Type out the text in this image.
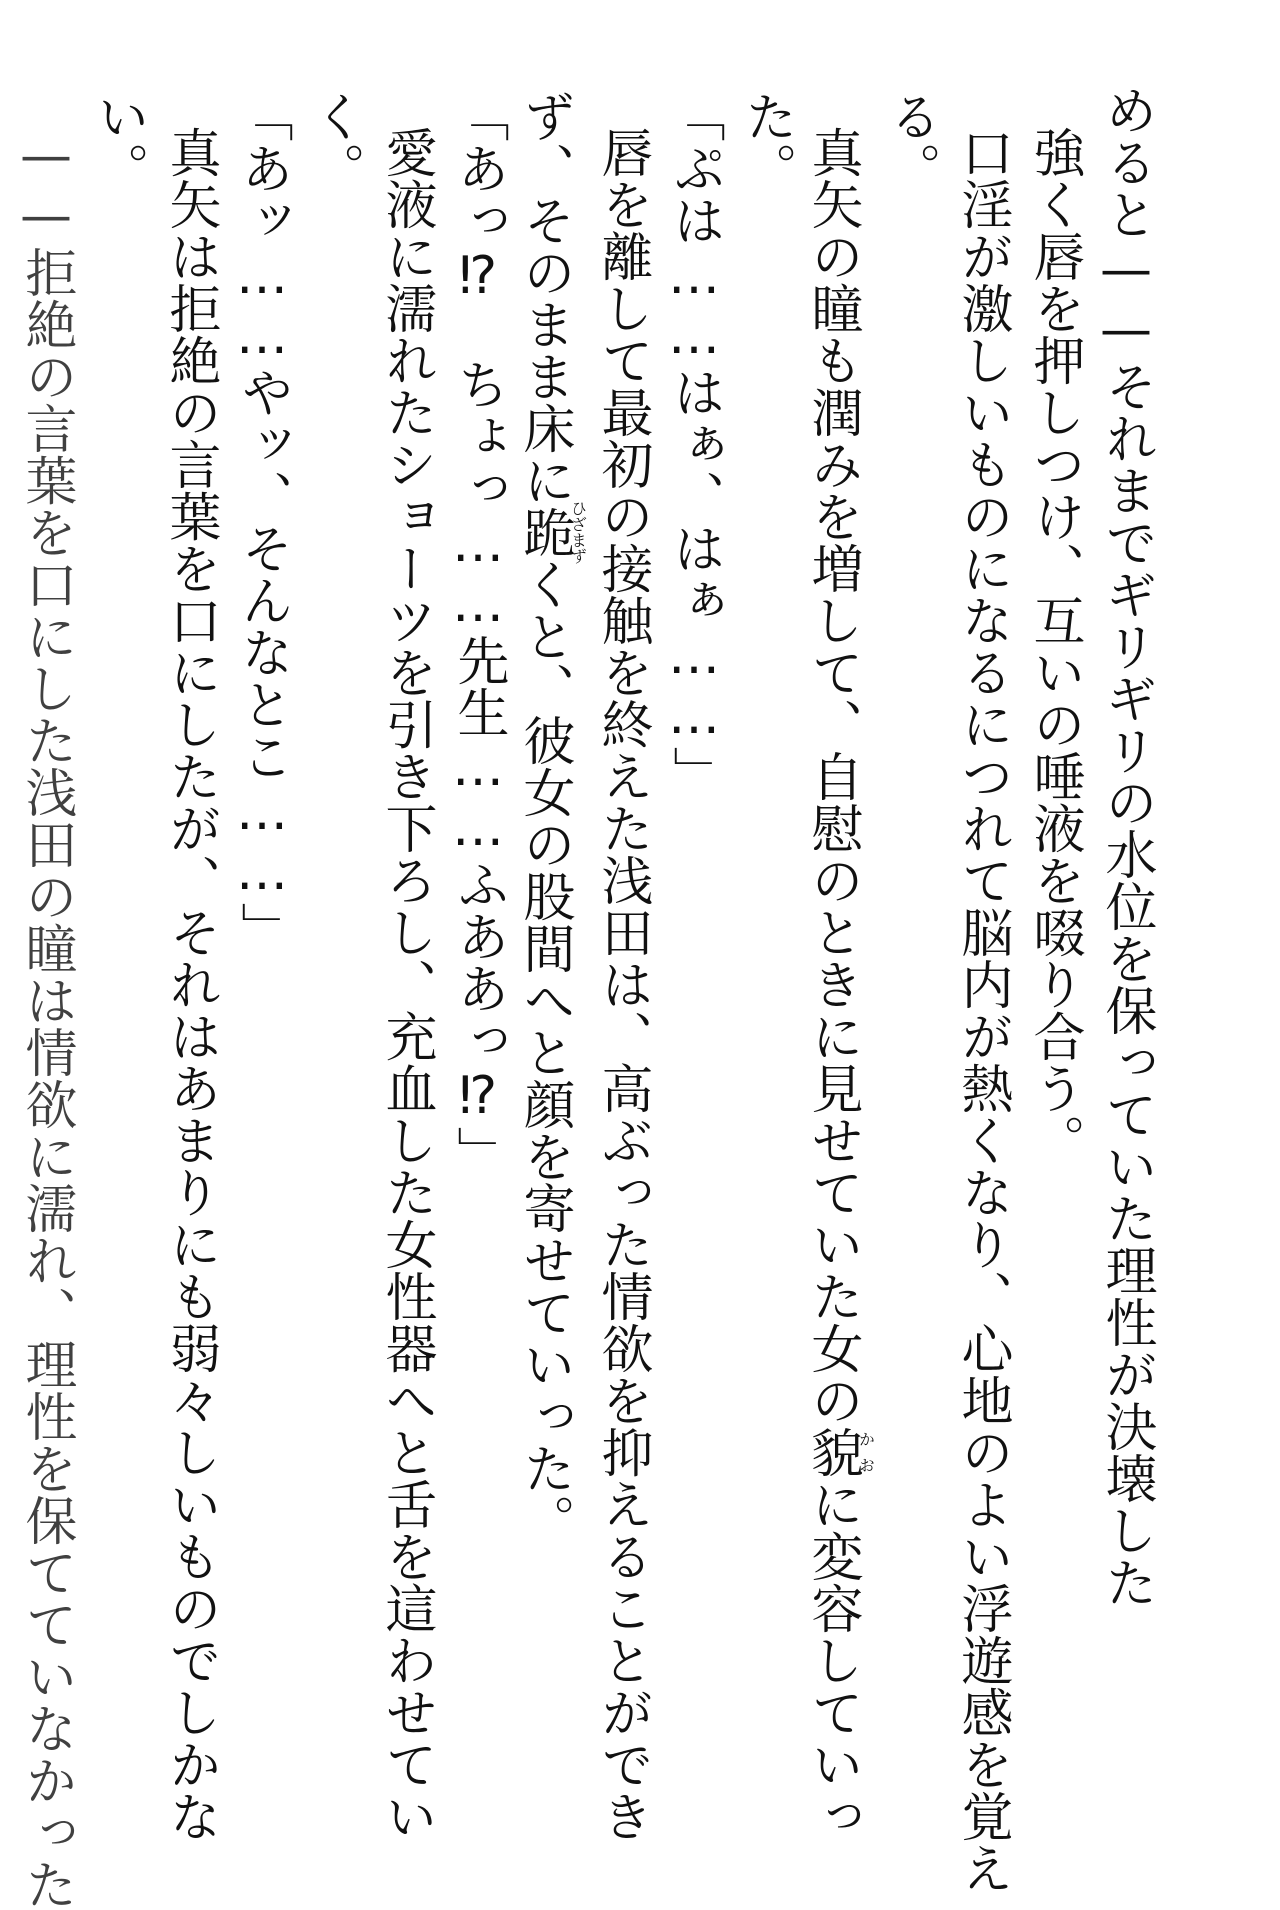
めると——それまでギリギリの水位を保っていた理性が決壊した
強く唇を押しつけ、互いの唾液を啜り合う。
口淫が激しいものになるにつれて脳内が熱くなり、心地のよい浮遊感を覚え
る。
真矢の瞳も潤みを増して、自慰のときに見せていた女の貌かおに変容していっ
た。
「ぷは……はぁ、はぁ……」
唇を離して最初の接触を終えた浅田は、高ぶった情欲を抑えることができ
ず、そのまま床に跪ひざまずくと、彼女の股間へと顔を寄せていった。
「あっ⁉　ちょっ……先生……ふああっ⁉」
愛液に濡れたショーツを引き下ろし、充血した女性器へと舌を這わせてい
く。
「あッ……やッ、そんなとこ……」
真矢は拒絶の言葉を口にしたが、それはあまりにも弱々しいものでしかな
い。
——拒絶の言葉を口にした浅田の瞳は情欲に濡れ、理性を保てていなかった
